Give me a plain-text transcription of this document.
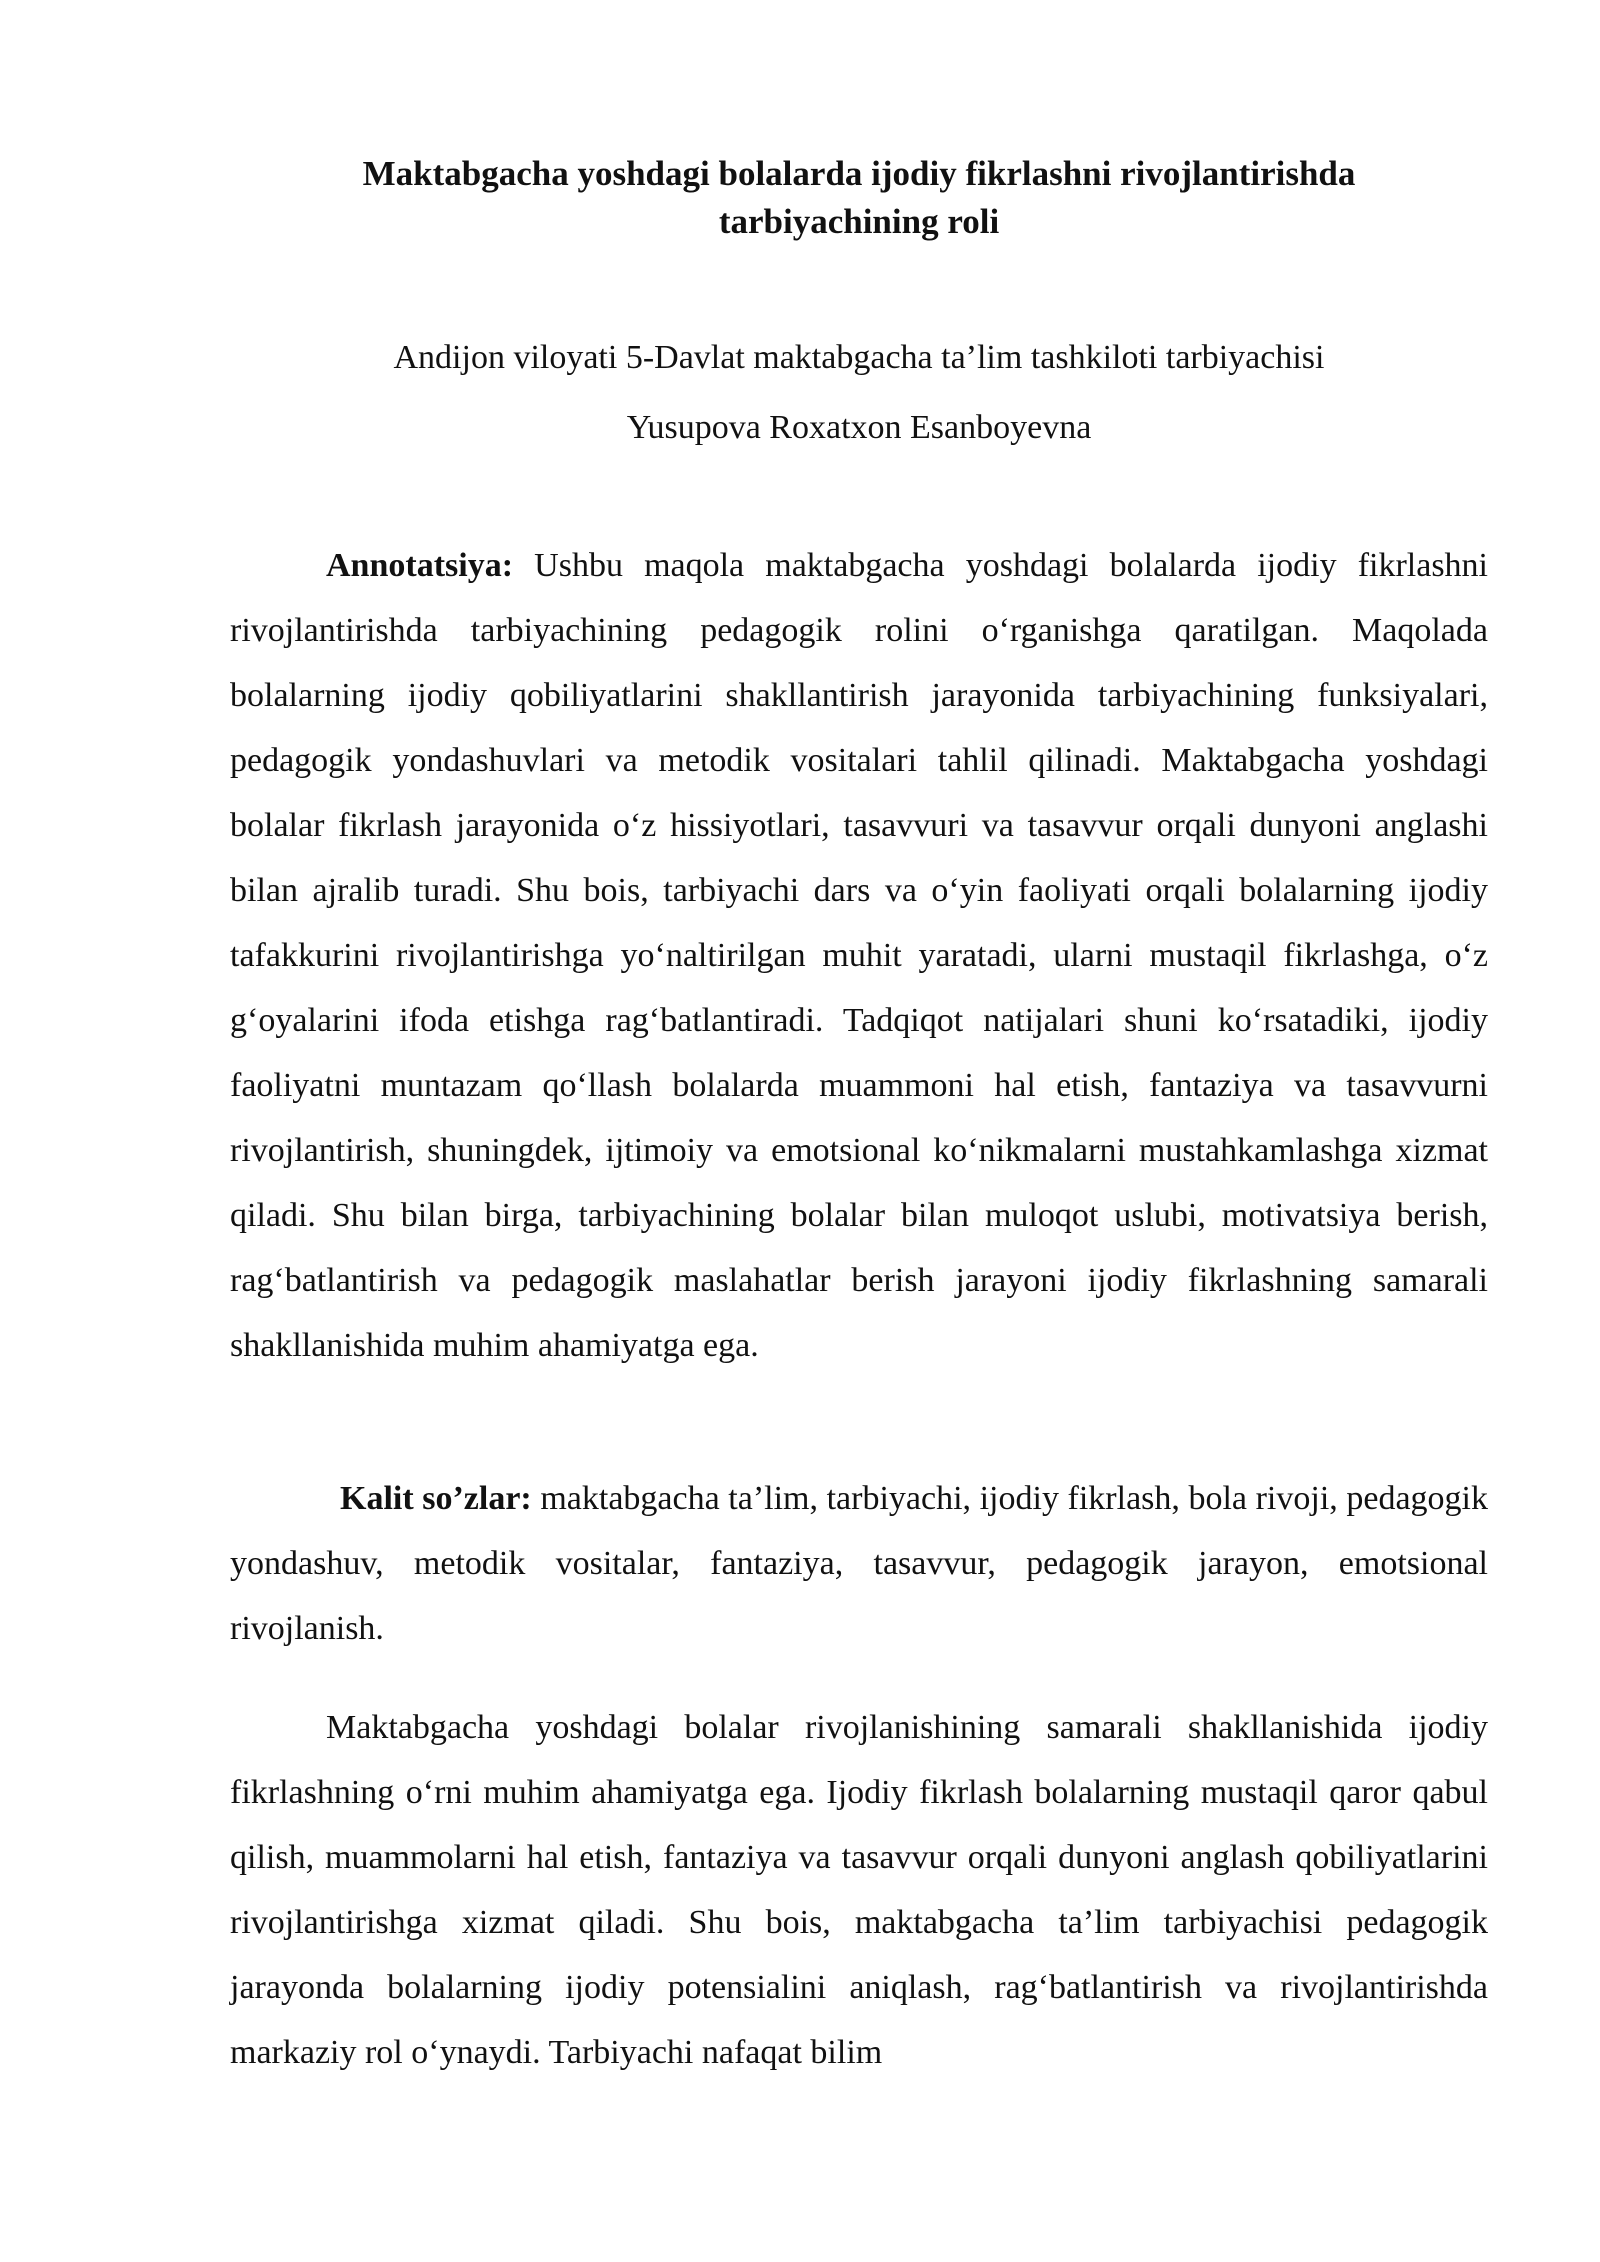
Maktabgacha yoshdagi bolalarda ijodiy fikrlashni rivojlantirishda
tarbiyachining roli

Andijon viloyati 5-Davlat maktabgacha ta’lim tashkiloti tarbiyachisi

Yusupova Roxatxon Esanboyevna

Annotatsiya: Ushbu maqola maktabgacha yoshdagi bolalarda ijodiy fikrlashni rivojlantirishda tarbiyachining pedagogik rolini o‘rganishga qaratilgan. Maqolada bolalarning ijodiy qobiliyatlarini shakllantirish jarayonida tarbiyachining funksiyalari, pedagogik yondashuvlari va metodik vositalari tahlil qilinadi. Maktabgacha yoshdagi bolalar fikrlash jarayonida o‘z hissiyotlari, tasavvuri va tasavvur orqali dunyoni anglashi bilan ajralib turadi. Shu bois, tarbiyachi dars va o‘yin faoliyati orqali bolalarning ijodiy tafakkurini rivojlantirishga yo‘naltirilgan muhit yaratadi, ularni mustaqil fikrlashga, o‘z g‘oyalarini ifoda etishga rag‘batlantiradi. Tadqiqot natijalari shuni ko‘rsatadiki, ijodiy faoliyatni muntazam qo‘llash bolalarda muammoni hal etish, fantaziya va tasavvurni rivojlantirish, shuningdek, ijtimoiy va emotsional ko‘nikmalarni mustahkamlashga xizmat qiladi. Shu bilan birga, tarbiyachining bolalar bilan muloqot uslubi, motivatsiya berish, rag‘batlantirish va pedagogik maslahatlar berish jarayoni ijodiy fikrlashning samarali shakllanishida muhim ahamiyatga ega.

Kalit so’zlar: maktabgacha ta’lim, tarbiyachi, ijodiy fikrlash, bola rivoji, pedagogik yondashuv, metodik vositalar, fantaziya, tasavvur, pedagogik jarayon, emotsional rivojlanish.

Maktabgacha yoshdagi bolalar rivojlanishining samarali shakllanishida ijodiy fikrlashning o‘rni muhim ahamiyatga ega. Ijodiy fikrlash bolalarning mustaqil qaror qabul qilish, muammolarni hal etish, fantaziya va tasavvur orqali dunyoni anglash qobiliyatlarini rivojlantirishga xizmat qiladi. Shu bois, maktabgacha ta’lim tarbiyachisi pedagogik jarayonda bolalarning ijodiy potensialini aniqlash, rag‘batlantirish va rivojlantirishda markaziy rol o‘ynaydi. Tarbiyachi nafaqat bilim
